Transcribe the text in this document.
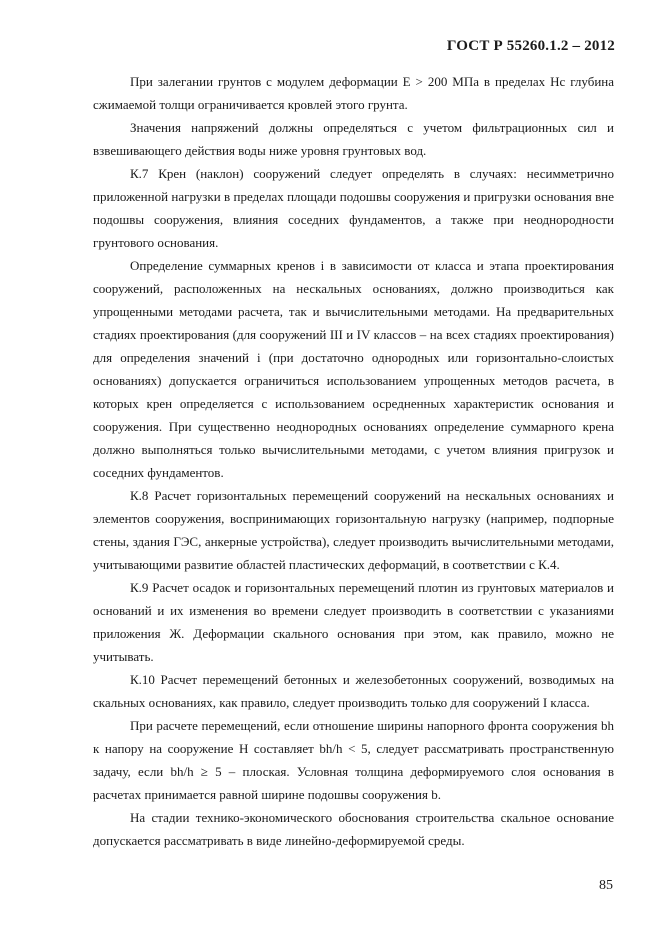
ГОСТ Р 55260.1.2 – 2012

При залегании грунтов с модулем деформации E > 200 МПа в пределах Hс глубина сжимаемой толщи ограничивается кровлей этого грунта.

Значения напряжений должны определяться с учетом фильтрационных сил и взвешивающего действия воды ниже уровня грунтовых вод.

К.7 Крен (наклон) сооружений следует определять в случаях: несимметрично приложенной нагрузки в пределах площади подошвы сооружения и пригрузки основания вне подошвы сооружения, влияния соседних фундаментов, а также при неоднородности грунтового основания.

Определение суммарных кренов i в зависимости от класса и этапа проектирования сооружений, расположенных на нескальных основаниях, должно производиться как упрощенными методами расчета, так и вычислительными методами. На предварительных стадиях проектирования (для сооружений III и IV классов – на всех стадиях проектирования) для определения значений i (при достаточно однородных или горизонтально-слоистых основаниях) допускается ограничиться использованием упрощенных методов расчета, в которых крен определяется с использованием осредненных характеристик основания и сооружения. При существенно неоднородных основаниях определение суммарного крена должно выполняться только вычислительными методами, с учетом влияния пригрузок и соседних фундаментов.

К.8 Расчет горизонтальных перемещений сооружений на нескальных основаниях и элементов сооружения, воспринимающих горизонтальную нагрузку (например, подпорные стены, здания ГЭС, анкерные устройства), следует производить вычислительными методами, учитывающими развитие областей пластических деформаций, в соответствии с К.4.

К.9 Расчет осадок и горизонтальных перемещений плотин из грунтовых материалов и оснований и их изменения во времени следует производить в соответствии с указаниями приложения Ж. Деформации скального основания при этом, как правило, можно не учитывать.

К.10 Расчет перемещений бетонных и железобетонных сооружений, возводимых на скальных основаниях, как правило, следует производить только для сооружений I класса.

При расчете перемещений, если отношение ширины напорного фронта сооружения bh к напору на сооружение H составляет bh/h < 5, следует рассматривать пространственную задачу, если bh/h ≥ 5 – плоская. Условная толщина деформируемого слоя основания в расчетах принимается равной ширине подошвы сооружения b.

На стадии технико-экономического обоснования строительства скальное основание допускается рассматривать в виде линейно-деформируемой среды.

85
